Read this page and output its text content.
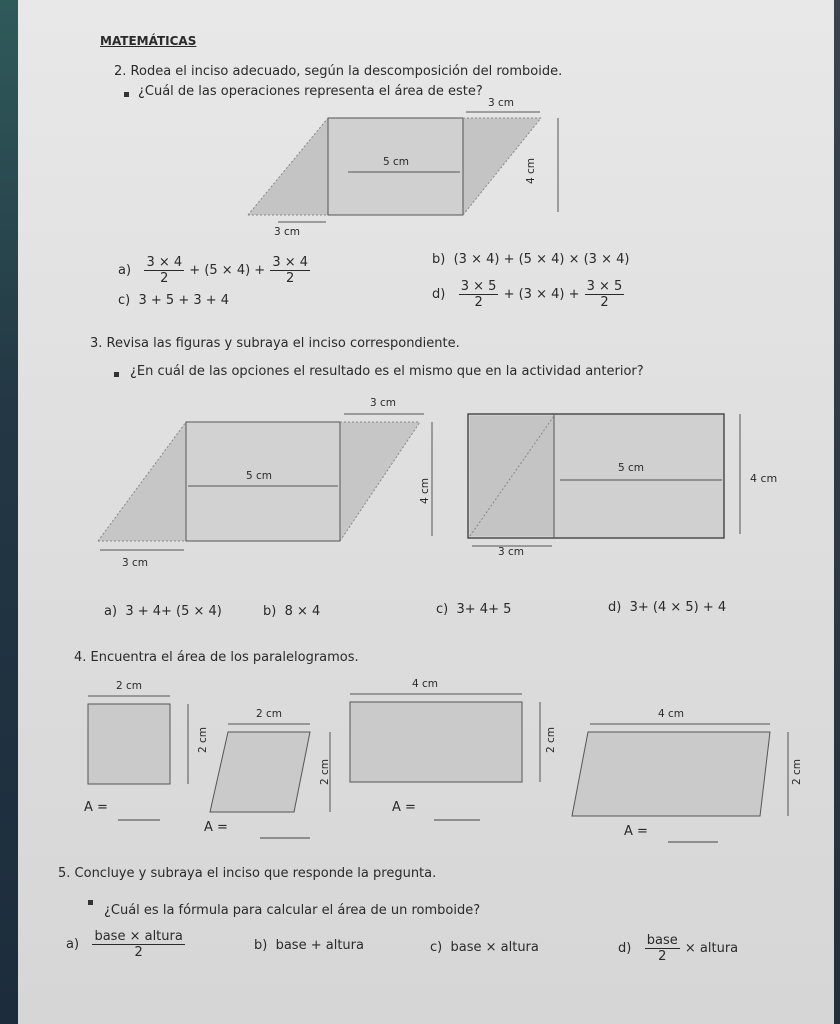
MATEMÁTICAS
2. Rodea el inciso adecuado, según la descomposición del romboide.
¿Cuál de las operaciones representa el área de este?
3 cm
5 cm
3 cm
4 cm
$a) \frac{3 \times 4}{2} + (5 \times 4) + \frac{3 \times 4}{2}$	b) (3 × 4) + (5 × 4) × (3 × 4)
c) 3 + 5 + 3 + 4	$d) \frac{3 \times 5}{2} + (3 \times 4) + \frac{3 \times 5}{2}$
3. Revisa las figuras y subraya el inciso correspondiente.
¿En cuál de las opciones el resultado es el mismo que en la actividad anterior?
3 cm
5 cm
3 cm
4 cm
5 cm
3 cm
4 cm
a) 3 + 4+ (5 × 4)	b) 8 × 4	c) 3+ 4+ 5	d) 3+ (4 × 5) + 4
4. Encuentra el área de los paralelogramos.
2 cm
2 cm
A =
2 cm
2 cm
A =
4 cm
2 cm
A =
4 cm
2 cm
A =
5. Concluye y subraya el inciso que responde la pregunta.
¿Cuál es la fórmula para calcular el área de un romboide?
$a) \frac{\text{base × altura}}{2}$	b) base + altura	c) base × altura	$d) \frac{\text{base}}{2}$ × altura
